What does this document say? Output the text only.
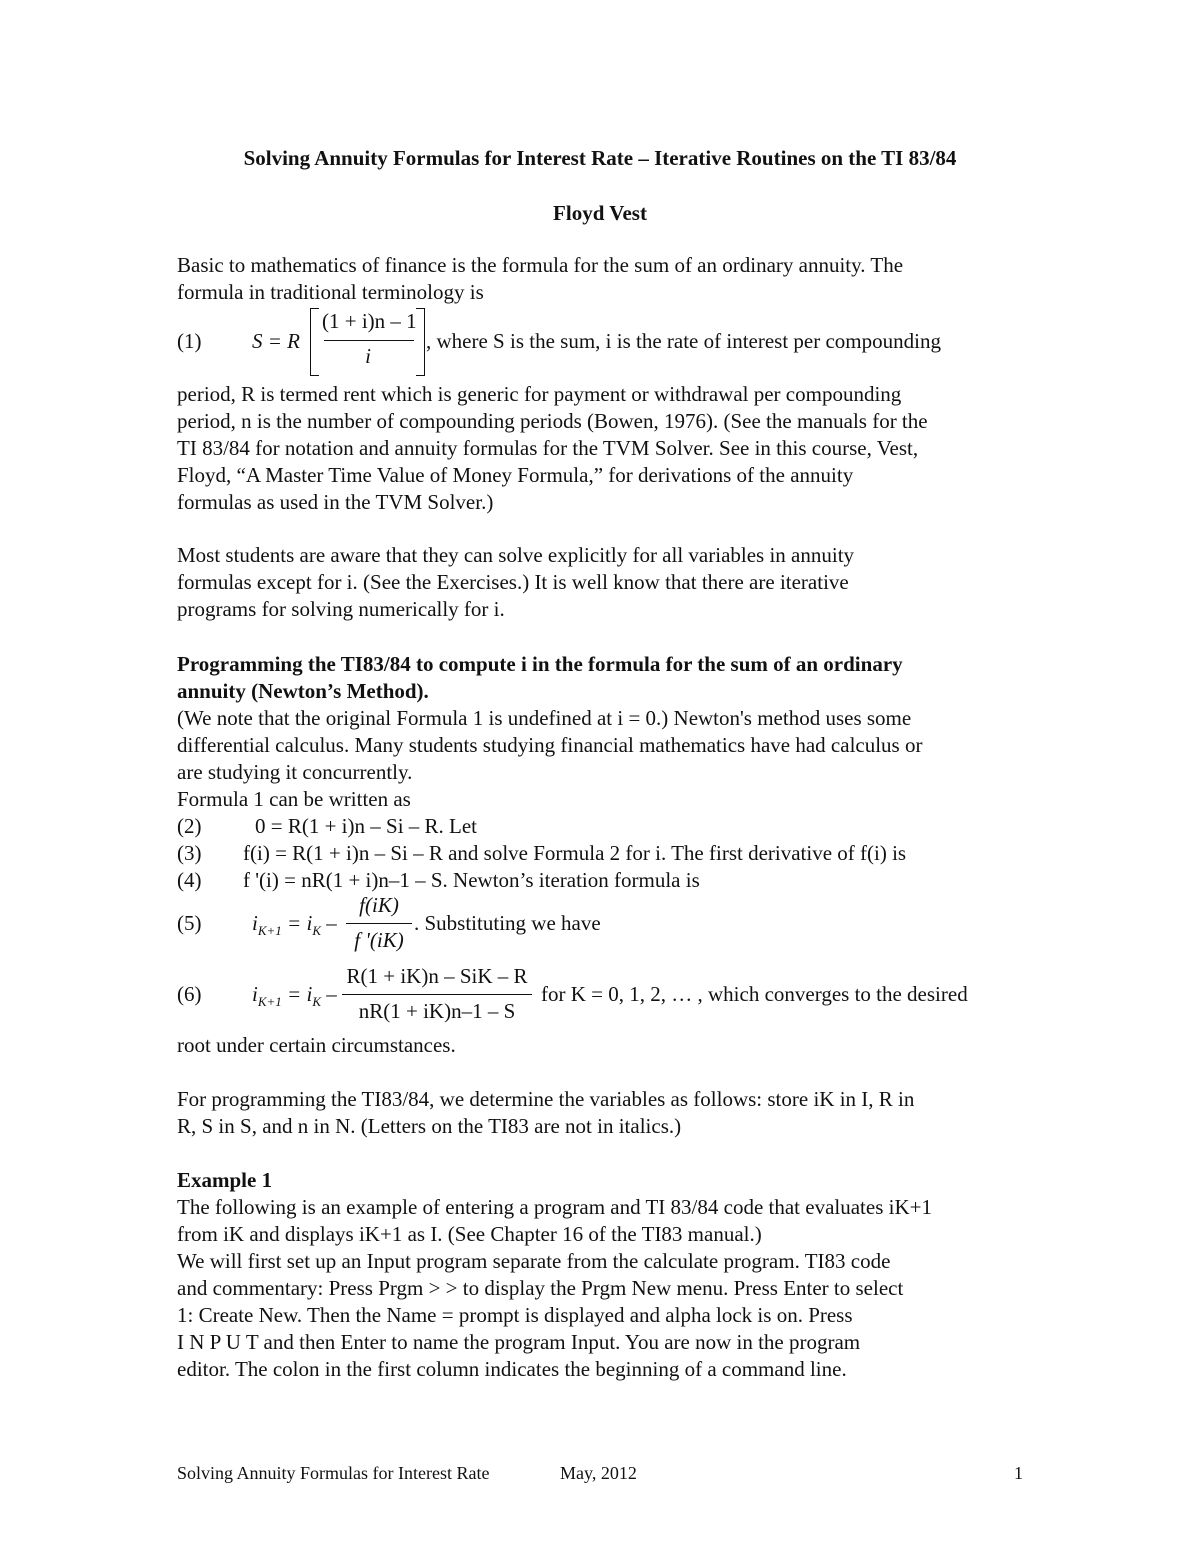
Solving Annuity Formulas for Interest Rate – Iterative Routines on the TI 83/84
Floyd Vest
Basic to mathematics of finance is the formula for the sum of an ordinary annuity. The
formula in traditional terminology is
(1) S = R
(1 + i)n – 1
i
, where S is the sum, i is the rate of interest per compounding
period, R is termed rent which is generic for payment or withdrawal per compounding
period, n is the number of compounding periods (Bowen, 1976). (See the manuals for the
TI 83/84 for notation and annuity formulas for the TVM Solver. See in this course, Vest,
Floyd, “A Master Time Value of Money Formula,” for derivations of the annuity
formulas as used in the TVM Solver.)
Most students are aware that they can solve explicitly for all variables in annuity
formulas except for i. (See the Exercises.) It is well know that there are iterative
programs for solving numerically for i.
Programming the TI83/84 to compute i in the formula for the sum of an ordinary
annuity (Newton’s Method).
(We note that the original Formula 1 is undefined at i = 0.) Newton's method uses some
differential calculus. Many students studying financial mathematics have had calculus or
are studying it concurrently.
Formula 1 can be written as
(2)	0 = R(1 + i)n – Si – R. Let
(3) f(i) = R(1 + i)n – Si – R and solve Formula 2 for i. The first derivative of f(i) is
(4) f '(i) = nR(1 + i)n–1 – S. Newton’s iteration formula is
(5) $i_{K+1} = i_K$ –
f(iK)
f '(iK)
. Substituting we have
(6) $i_{K+1} = i_K$ –
R(1 + iK)n – SiK – R
nR(1 + iK)n–1 – S
for K = 0, 1, 2, … , which converges to the desired
root under certain circumstances.
For programming the TI83/84, we determine the variables as follows: store iK in I, R in
R, S in S, and n in N. (Letters on the TI83 are not in italics.)
Example 1
The following is an example of entering a program and TI 83/84 code that evaluates iK+1
from iK and displays iK+1 as I. (See Chapter 16 of the TI83 manual.)
We will first set up an Input program separate from the calculate program. TI83 code
and commentary: Press Prgm > > to display the Prgm New menu. Press Enter to select
1: Create New. Then the Name = prompt is displayed and alpha lock is on. Press
I N P U T and then Enter to name the program Input. You are now in the program
editor. The colon in the first column indicates the beginning of a command line.
Solving Annuity Formulas for Interest Rate	May, 2012	1
